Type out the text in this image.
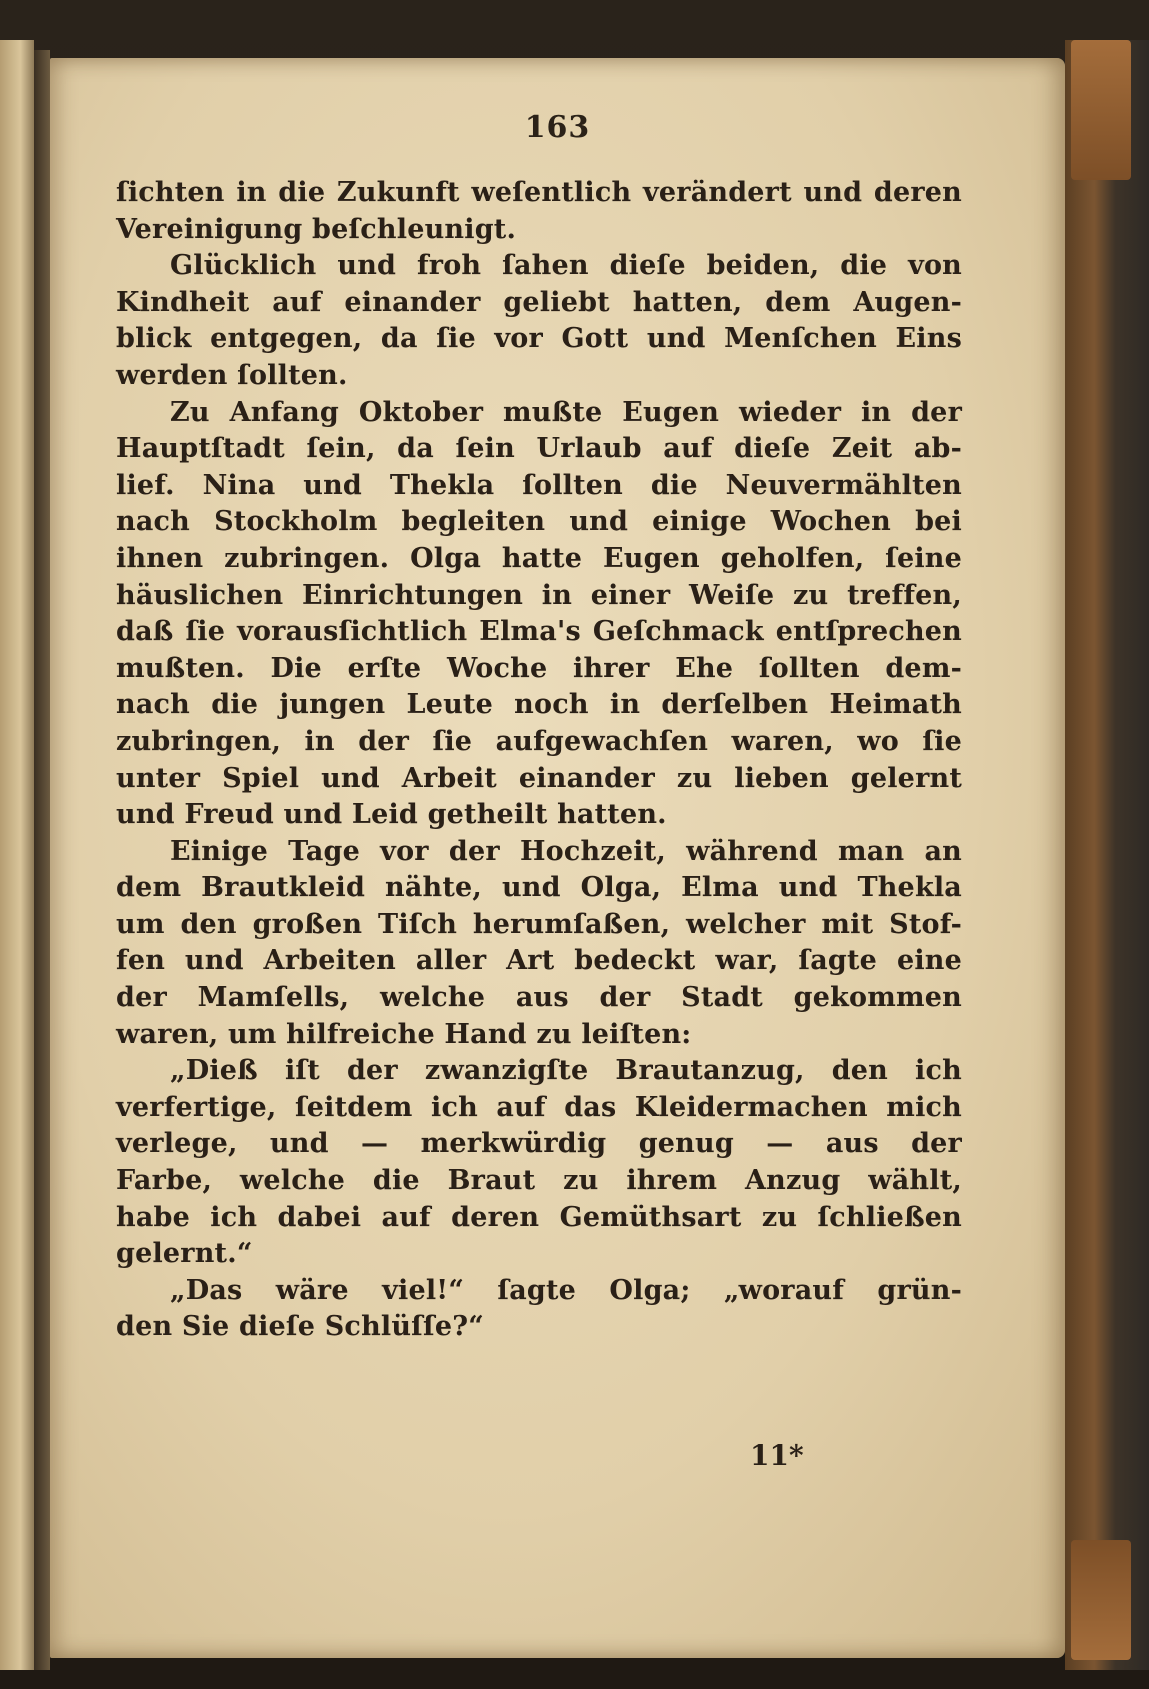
163
ſichten in die Zukunft weſentlich verändert und deren
Vereinigung beſchleunigt.
Glücklich und froh ſahen dieſe beiden, die von
Kindheit auf einander geliebt hatten, dem Augen-
blick entgegen, da ſie vor Gott und Menſchen Eins
werden ſollten.
Zu Anfang Oktober mußte Eugen wieder in der
Hauptſtadt ſein, da ſein Urlaub auf dieſe Zeit ab-
lief. Nina und Thekla ſollten die Neuvermählten
nach Stockholm begleiten und einige Wochen bei
ihnen zubringen. Olga hatte Eugen geholfen, ſeine
häuslichen Einrichtungen in einer Weiſe zu treffen,
daß ſie vorausſichtlich Elma's Geſchmack entſprechen
mußten. Die erſte Woche ihrer Ehe ſollten dem-
nach die jungen Leute noch in derſelben Heimath
zubringen, in der ſie aufgewachſen waren, wo ſie
unter Spiel und Arbeit einander zu lieben gelernt
und Freud und Leid getheilt hatten.
Einige Tage vor der Hochzeit, während man an
dem Brautkleid nähte, und Olga, Elma und Thekla
um den großen Tiſch herumſaßen, welcher mit Stof-
fen und Arbeiten aller Art bedeckt war, ſagte eine
der Mamſells, welche aus der Stadt gekommen
waren, um hilfreiche Hand zu leiſten:
„Dieß iſt der zwanzigſte Brautanzug, den ich
verfertige, ſeitdem ich auf das Kleidermachen mich
verlege, und — merkwürdig genug — aus der
Farbe, welche die Braut zu ihrem Anzug wählt,
habe ich dabei auf deren Gemüthsart zu ſchließen
gelernt.“
„Das wäre viel!“ ſagte Olga; „worauf grün-
den Sie dieſe Schlüſſe?“
11*
